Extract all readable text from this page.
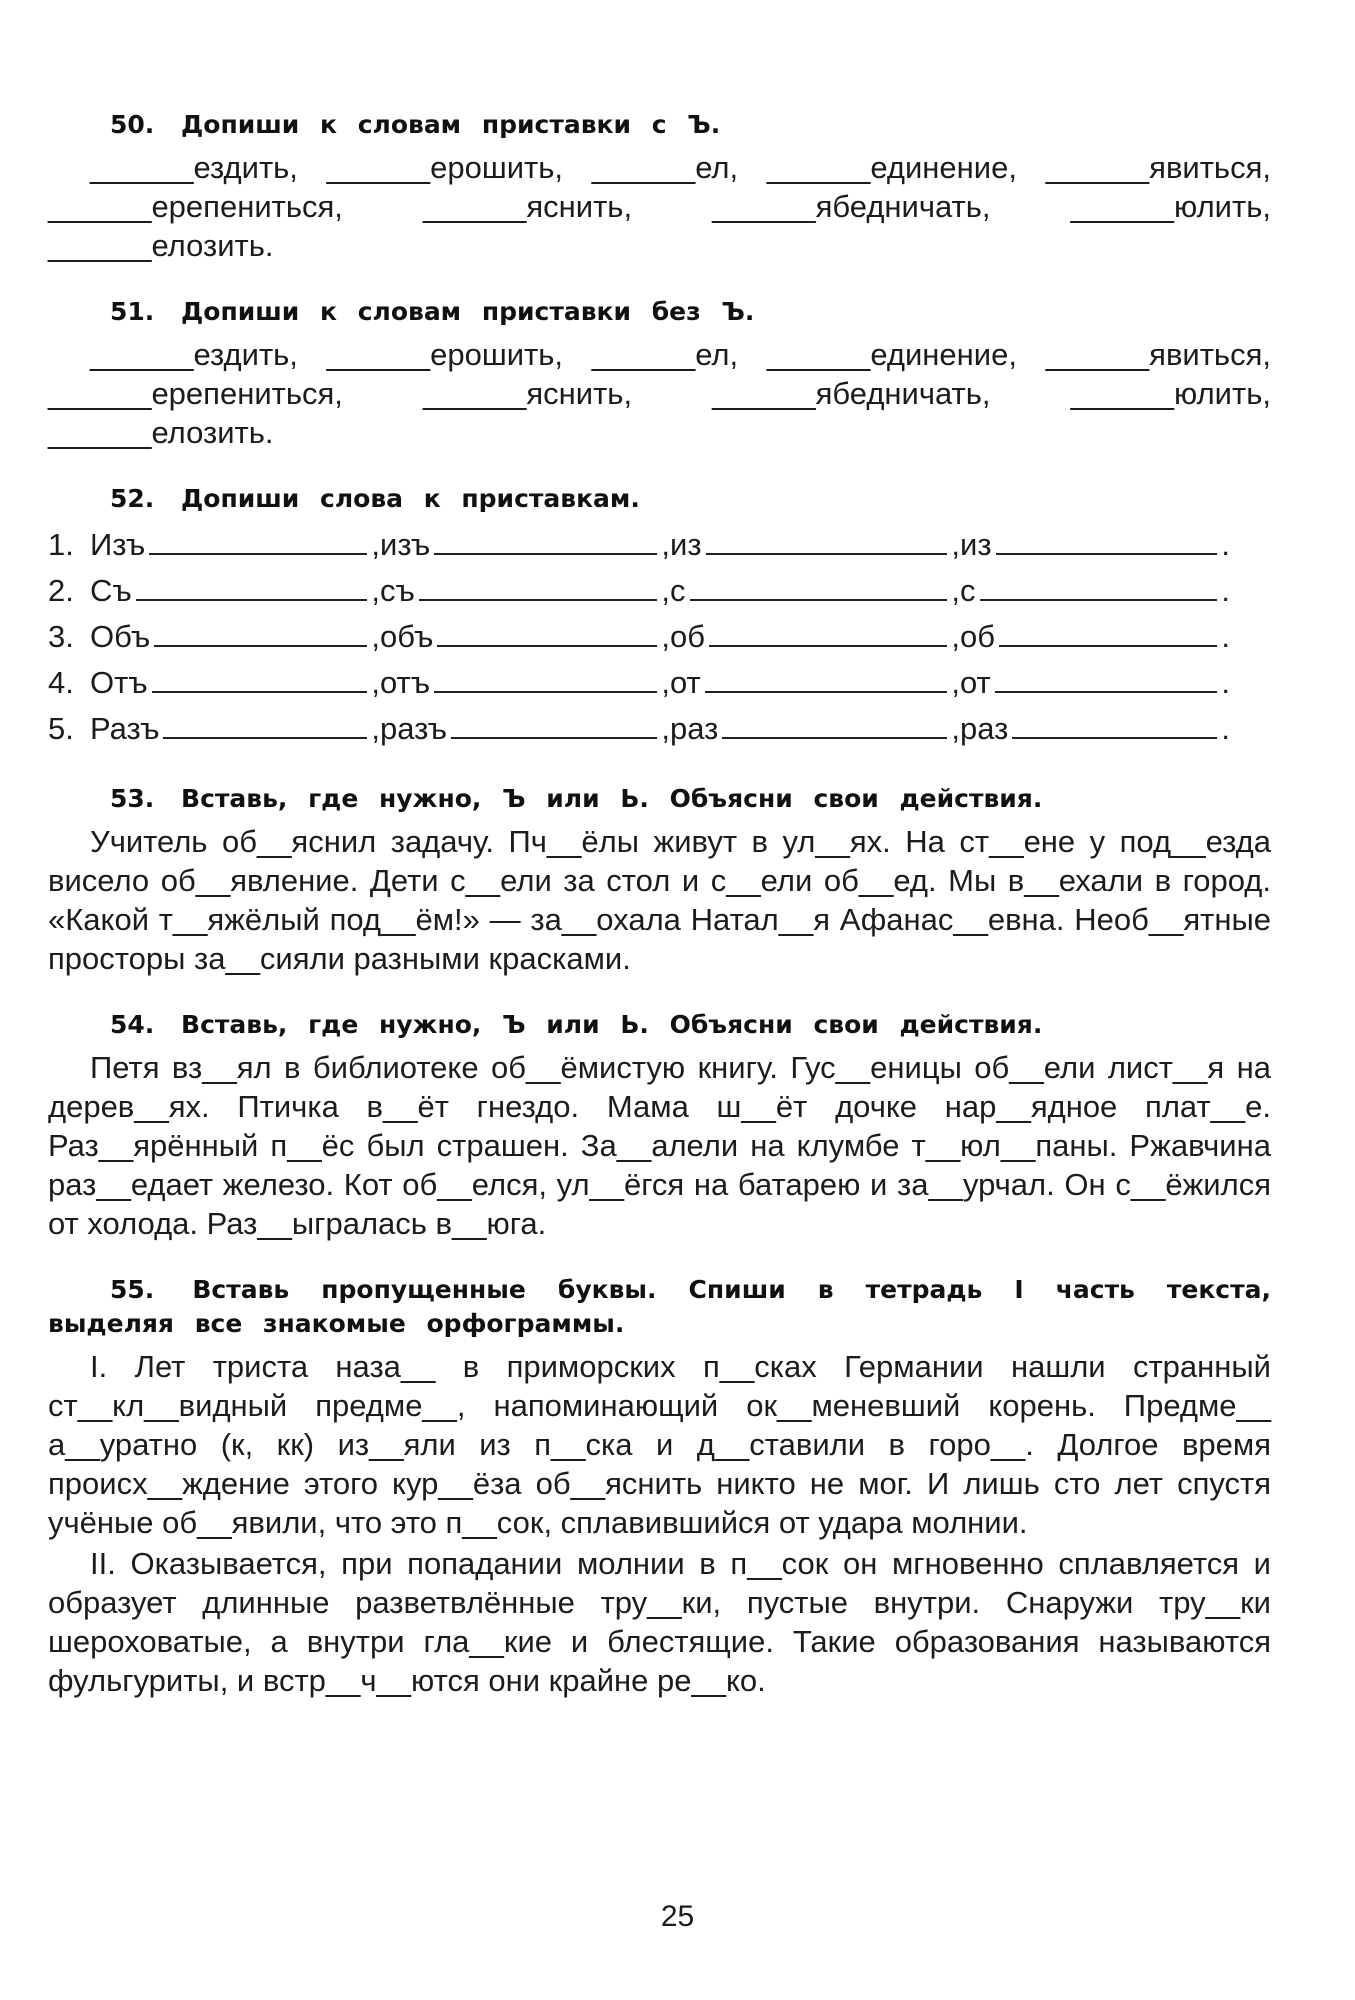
50. Допиши к словам приставки с Ъ.

______ездить, ______ерошить, ______ел, ______единение, ______явиться,
______ерепениться,	______яснить,	______ябедничать,	______юлить,
______елозить.

51. Допиши к словам приставки без Ъ.

______ездить, ______ерошить, ______ел, ______единение, ______явиться,
______ерепениться,	______яснить,	______ябедничать,	______юлить,
______елозить.

52. Допиши слова к приставкам.

1. Изъ	, изъ	, из	, из	.
2. Съ	, съ	, с	, с	.
3. Объ	, объ	, об	, об	.
4. Отъ	, отъ	, от	, от	.
5. Разъ	, разъ	, раз	, раз	.

53. Вставь, где нужно, Ъ или Ь. Объясни свои действия.

Учитель об__яснил задачу. Пч__ёлы живут в ул__ях. На ст__ене у под__езда висело об__явление. Дети с__ели за стол и с__ели об__ед. Мы в__ехали в город. «Какой т__яжёлый под__ём!» — за__охала Натал__я Афанас__евна. Необ__ятные просторы за__сияли разными красками.

54. Вставь, где нужно, Ъ или Ь. Объясни свои действия.

Петя вз__ял в библиотеке об__ёмистую книгу. Гус__еницы об__ели лист__я на дерев__ях. Птичка в__ёт гнездо. Мама ш__ёт дочке нар__ядное плат__е. Раз__ярённый п__ёс был страшен. За__алели на клумбе т__юл__паны. Ржавчина раз__едает железо. Кот об__елся, ул__ёгся на батарею и за__урчал. Он с__ёжился от холода. Раз__ыгралась в__юга.

55. Вставь пропущенные буквы. Спиши в тетрадь I часть текста, выделяя все знакомые орфограммы.

I. Лет триста наза__ в приморских п__сках Германии нашли странный ст__кл__видный предме__, напоминающий ок__меневший корень. Предме__ а__уратно (к, кк) из__яли из п__ска и д__ставили в горо__. Долгое время происх__ждение этого кур__ёза об__яснить никто не мог. И лишь сто лет спустя учёные об__явили, что это п__сок, сплавившийся от удара молнии.

II. Оказывается, при попадании молнии в п__сок он мгновенно сплавляется и образует длинные разветвлённые тру__ки, пустые внутри. Снаружи тру__ки шероховатые, а внутри гла__кие и блестящие. Такие образования называются фульгуриты, и встр__ч__ются они крайне ре__ко.

25
